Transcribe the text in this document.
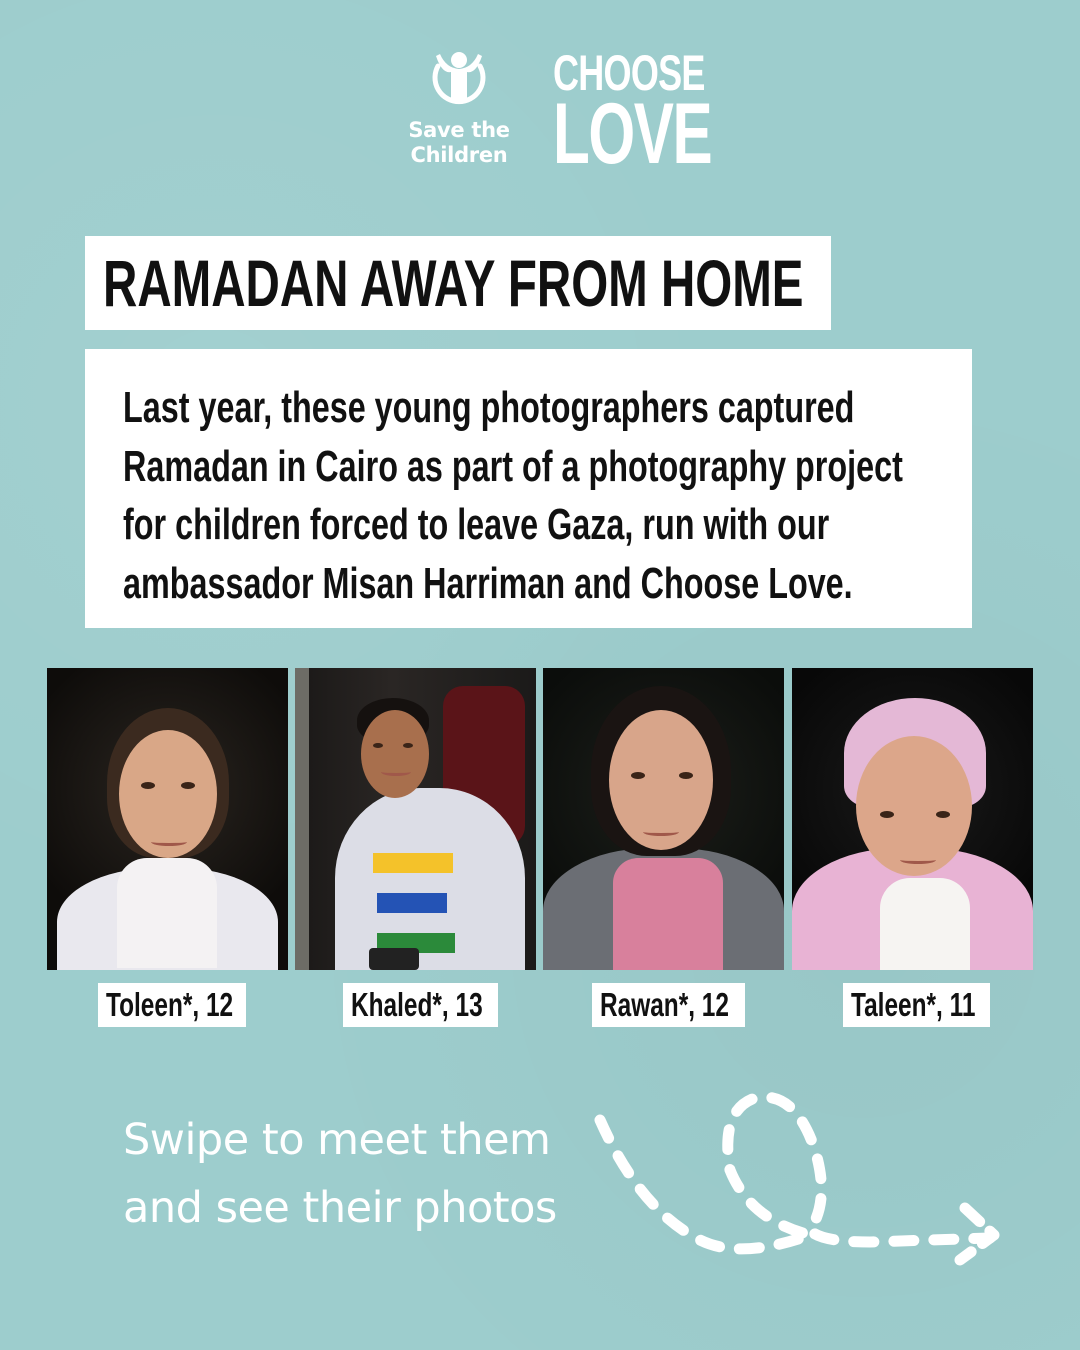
Save the
Children
CHOOSE
LOVE
RAMADAN AWAY FROM HOME
Last year, these young photographers captured
Ramadan in Cairo as part of a photography project
for children forced to leave Gaza, run with our
ambassador Misan Harriman and Choose Love.
Toleen*, 12	Khaled*, 13	Rawan*, 12	Taleen*, 11
Swipe to meet them
and see their photos
